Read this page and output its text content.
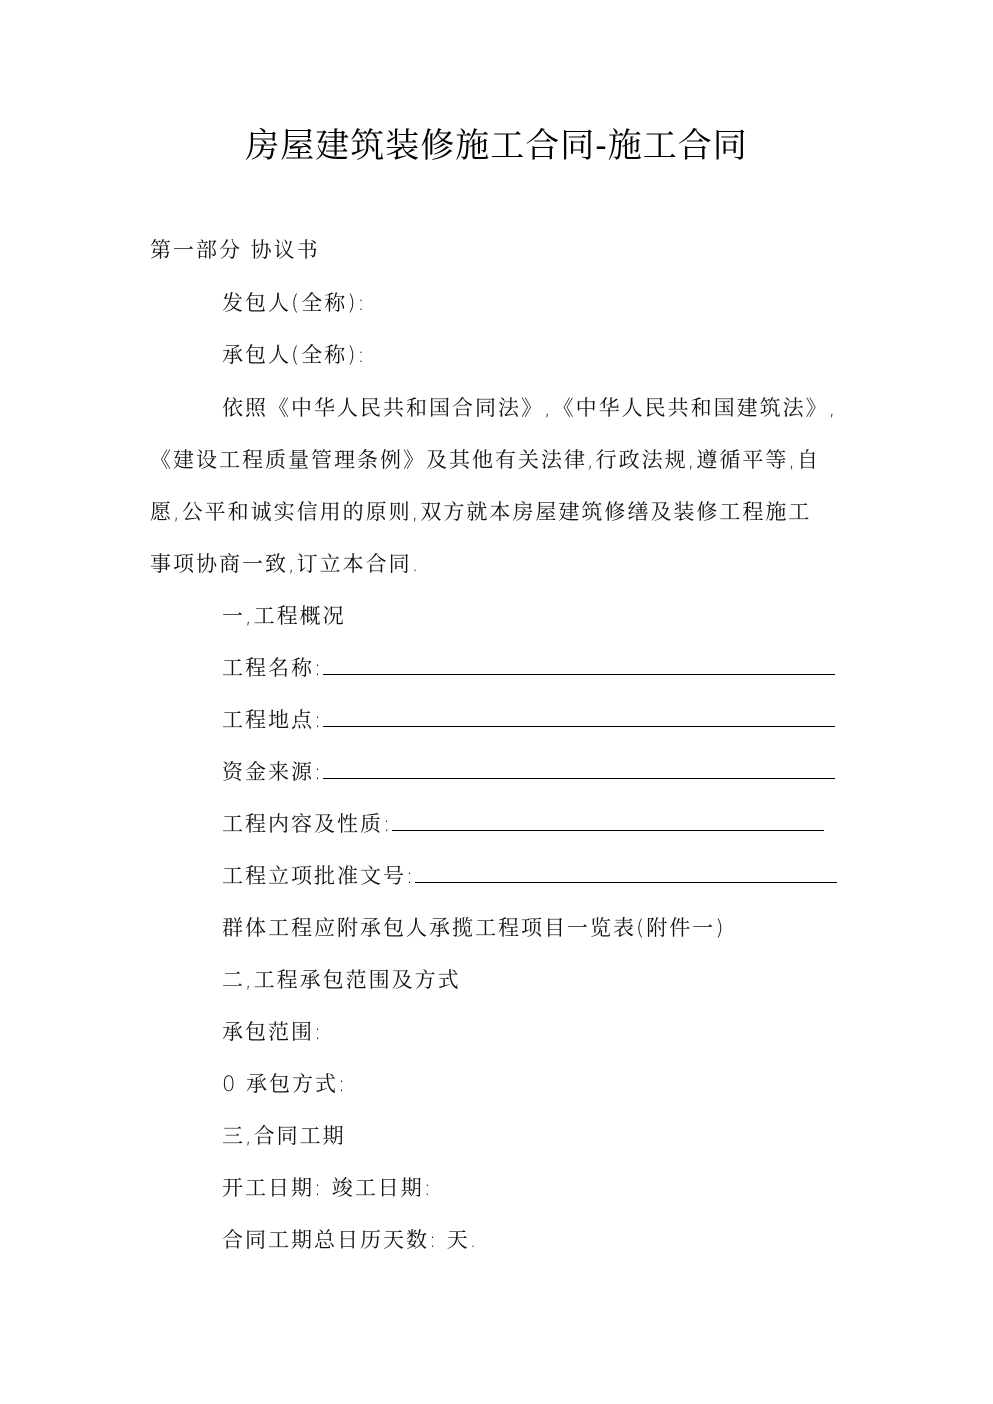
房屋建筑装修施工合同-施工合同
第一部分 协议书
发包人(全称):
承包人(全称):
依照《中华人民共和国合同法》,《中华人民共和国建筑法》,
《建设工程质量管理条例》及其他有关法律,行政法规,遵循平等,自
愿,公平和诚实信用的原则,双方就本房屋建筑修缮及装修工程施工
事项协商一致,订立本合同.
一,工程概况
工程名称:
工程地点:
资金来源:
工程内容及性质:
工程立项批准文号:
群体工程应附承包人承揽工程项目一览表(附件一)
二,工程承包范围及方式
承包范围:
0 承包方式:
三,合同工期
开工日期: 竣工日期:
合同工期总日历天数: 天.
